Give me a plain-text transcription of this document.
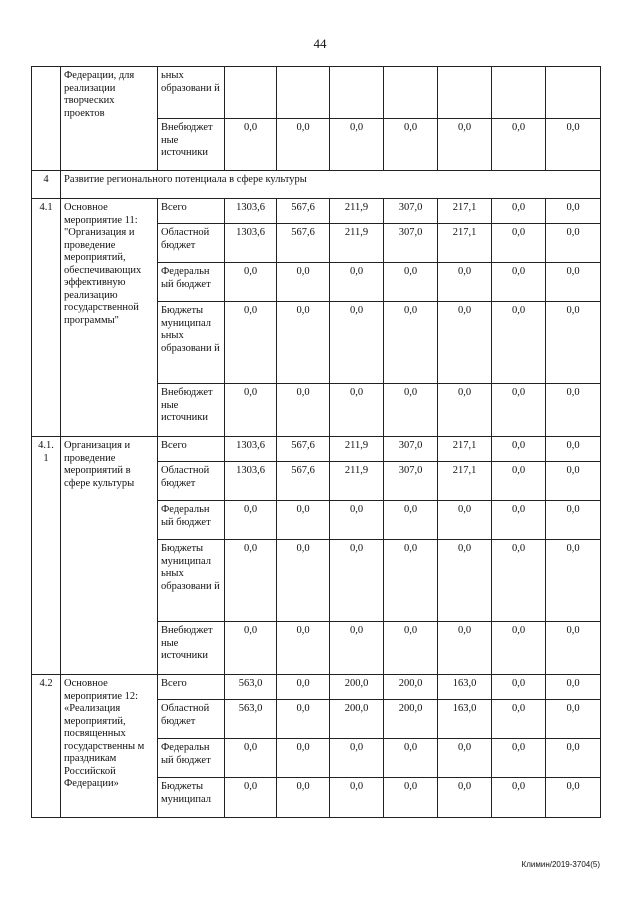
44
	Федерации, для реализации творческих проектов	ьных образовани й							
		Внебюджет ные источники	0,0	0,0	0,0	0,0	0,0	0,0	0,0
4	Развитие регионального потенциала в сфере культуры								
4.1	Основное мероприятие 11: "Организация и проведение мероприятий, обеспечивающих эффективную реализацию государственной программы"	Всего	1303,6	567,6	211,9	307,0	217,1	0,0	0,0
		Областной бюджет	1303,6	567,6	211,9	307,0	217,1	0,0	0,0
		Федеральн ый бюджет	0,0	0,0	0,0	0,0	0,0	0,0	0,0
		Бюджеты муниципал ьных образовани й	0,0	0,0	0,0	0,0	0,0	0,0	0,0
		Внебюджет ные источники	0,0	0,0	0,0	0,0	0,0	0,0	0,0
4.1. 1	Организация и проведение мероприятий в сфере культуры	Всего	1303,6	567,6	211,9	307,0	217,1	0,0	0,0
		Областной бюджет	1303,6	567,6	211,9	307,0	217,1	0,0	0,0
		Федеральн ый бюджет	0,0	0,0	0,0	0,0	0,0	0,0	0,0
		Бюджеты муниципал ьных образовани й	0,0	0,0	0,0	0,0	0,0	0,0	0,0
		Внебюджет ные источники	0,0	0,0	0,0	0,0	0,0	0,0	0,0
4.2	Основное мероприятие 12: «Реализация мероприятий, посвященных государственны м праздникам Российской Федерации»	Всего	563,0	0,0	200,0	200,0	163,0	0,0	0,0
		Областной бюджет	563,0	0,0	200,0	200,0	163,0	0,0	0,0
		Федеральн ый бюджет	0,0	0,0	0,0	0,0	0,0	0,0	0,0
		Бюджеты муниципал	0,0	0,0	0,0	0,0	0,0	0,0	0,0
Климин/2019-3704(5)
